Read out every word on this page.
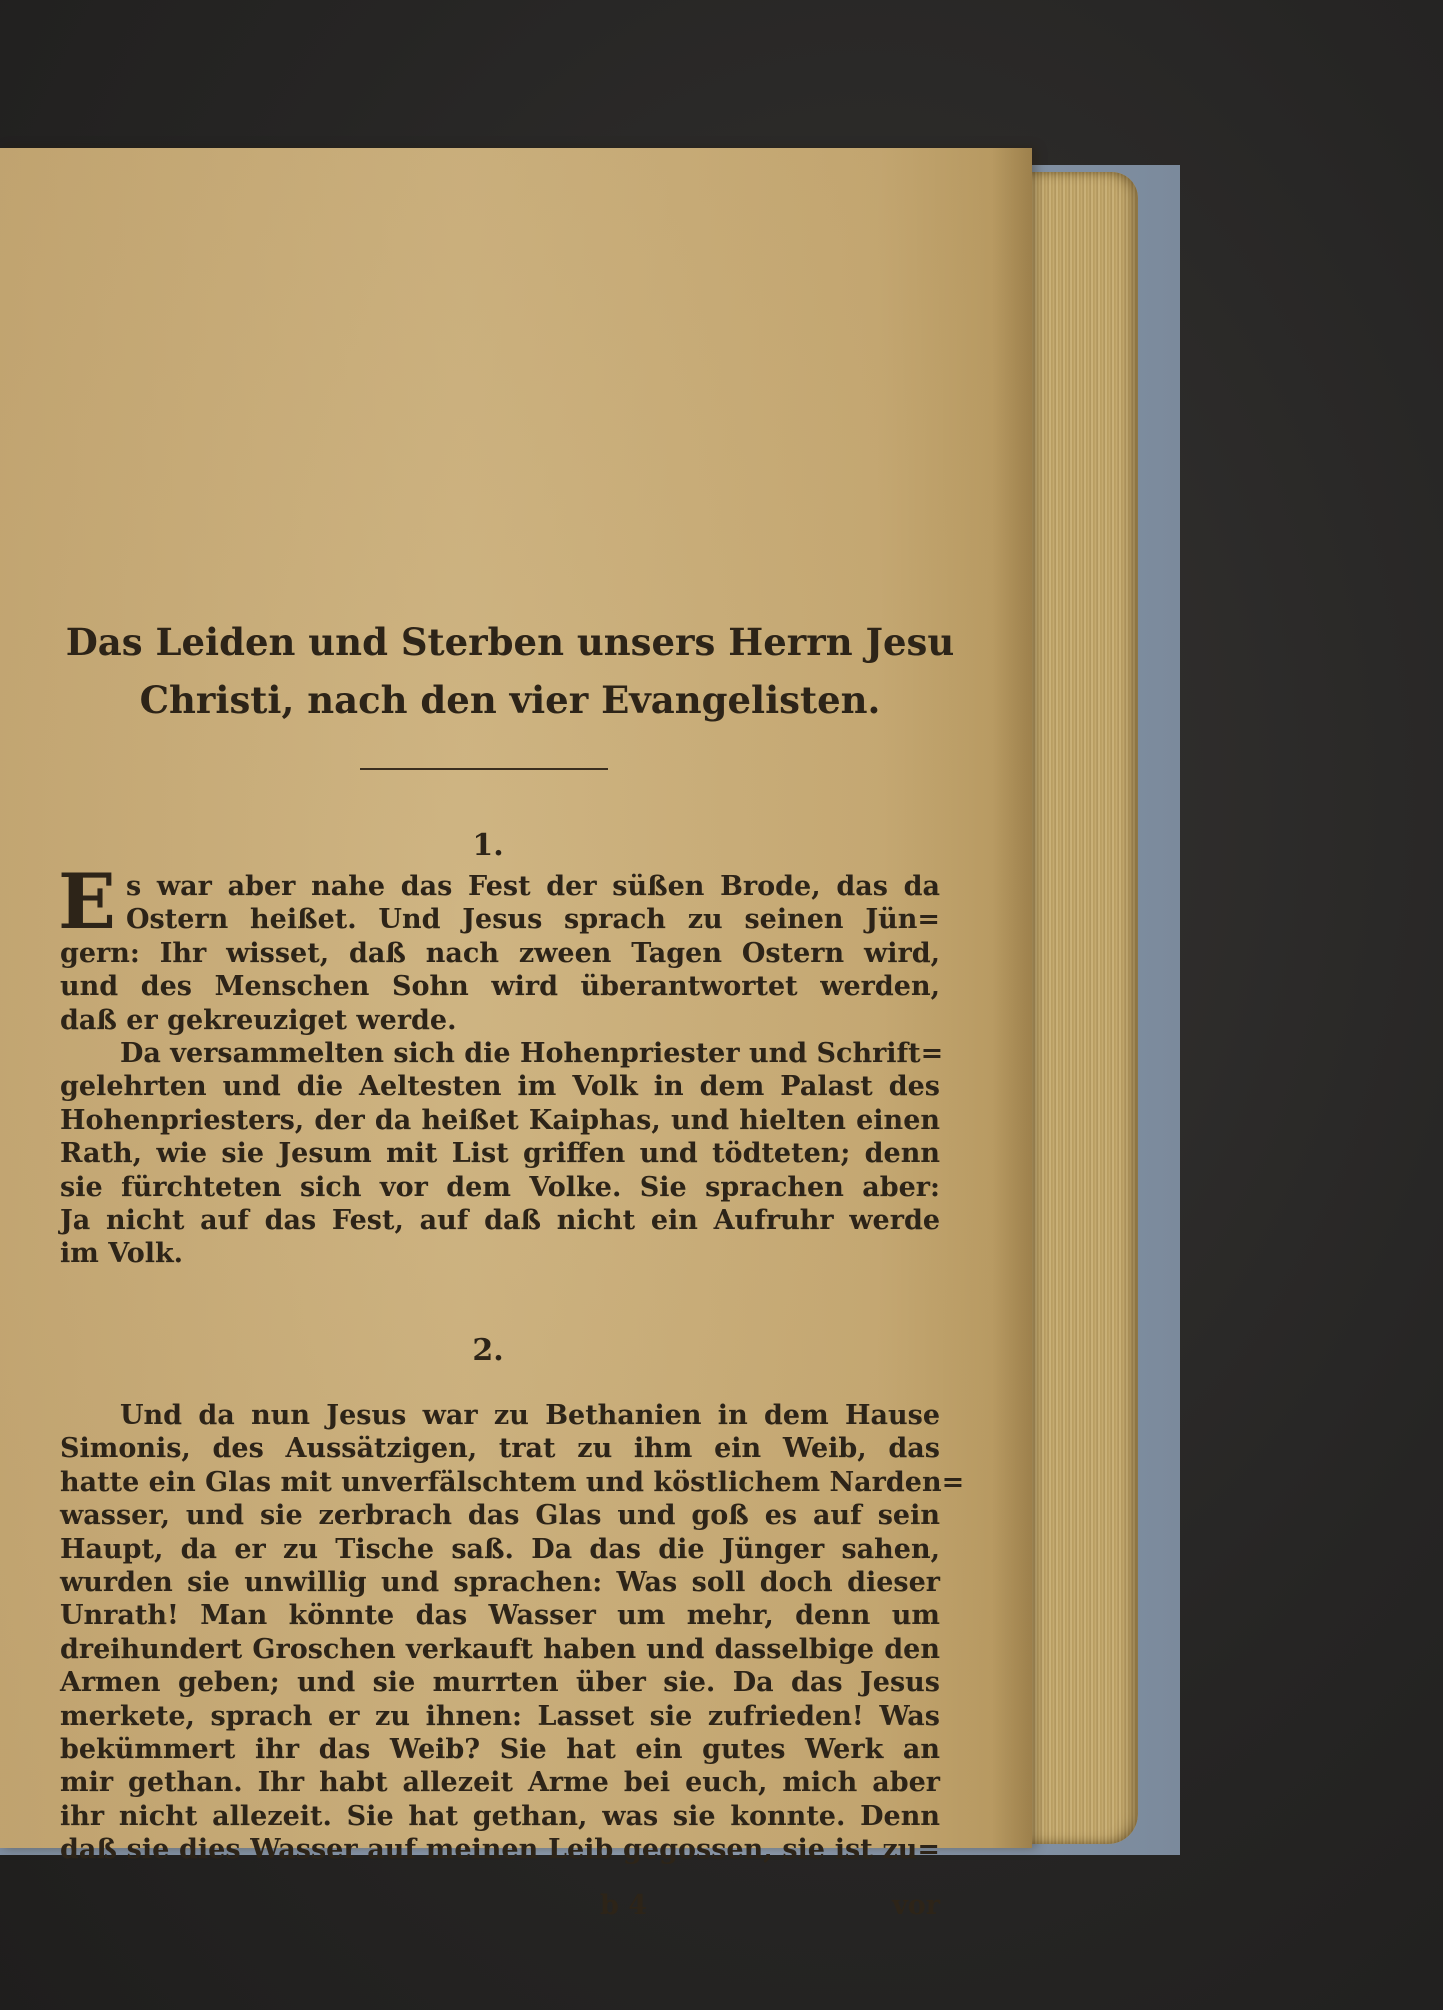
Das Leiden und Sterben unsers Herrn Jesu Christi, nach den vier Evangelisten.

1.
E s war aber nahe das Fest der süßen Brode, das da
Ostern heißet. Und Jesus sprach zu seinen Jün=
gern: Ihr wisset, daß nach zween Tagen Ostern wird,
und des Menschen Sohn wird überantwortet werden,
daß er gekreuziget werde.
Da versammelten sich die Hohenpriester und Schrift=
gelehrten und die Aeltesten im Volk in dem Palast des
Hohenpriesters, der da heißet Kaiphas, und hielten einen
Rath, wie sie Jesum mit List griffen und tödteten; denn
sie fürchteten sich vor dem Volke. Sie sprachen aber:
Ja nicht auf das Fest, auf daß nicht ein Aufruhr werde
im Volk.
2.
Und da nun Jesus war zu Bethanien in dem Hause
Simonis, des Aussätzigen, trat zu ihm ein Weib, das
hatte ein Glas mit unverfälschtem und köstlichem Narden=
wasser, und sie zerbrach das Glas und goß es auf sein
Haupt, da er zu Tische saß. Da das die Jünger sahen,
wurden sie unwillig und sprachen: Was soll doch dieser
Unrath! Man könnte das Wasser um mehr, denn um
dreihundert Groschen verkauft haben und dasselbige den
Armen geben; und sie murrten über sie. Da das Jesus
merkete, sprach er zu ihnen: Lasset sie zufrieden! Was
bekümmert ihr das Weib? Sie hat ein gutes Werk an
mir gethan. Ihr habt allezeit Arme bei euch, mich aber
ihr nicht allezeit. Sie hat gethan, was sie konnte. Denn
daß sie dies Wasser auf meinen Leib gegossen, sie ist zu=
b 4	vor
